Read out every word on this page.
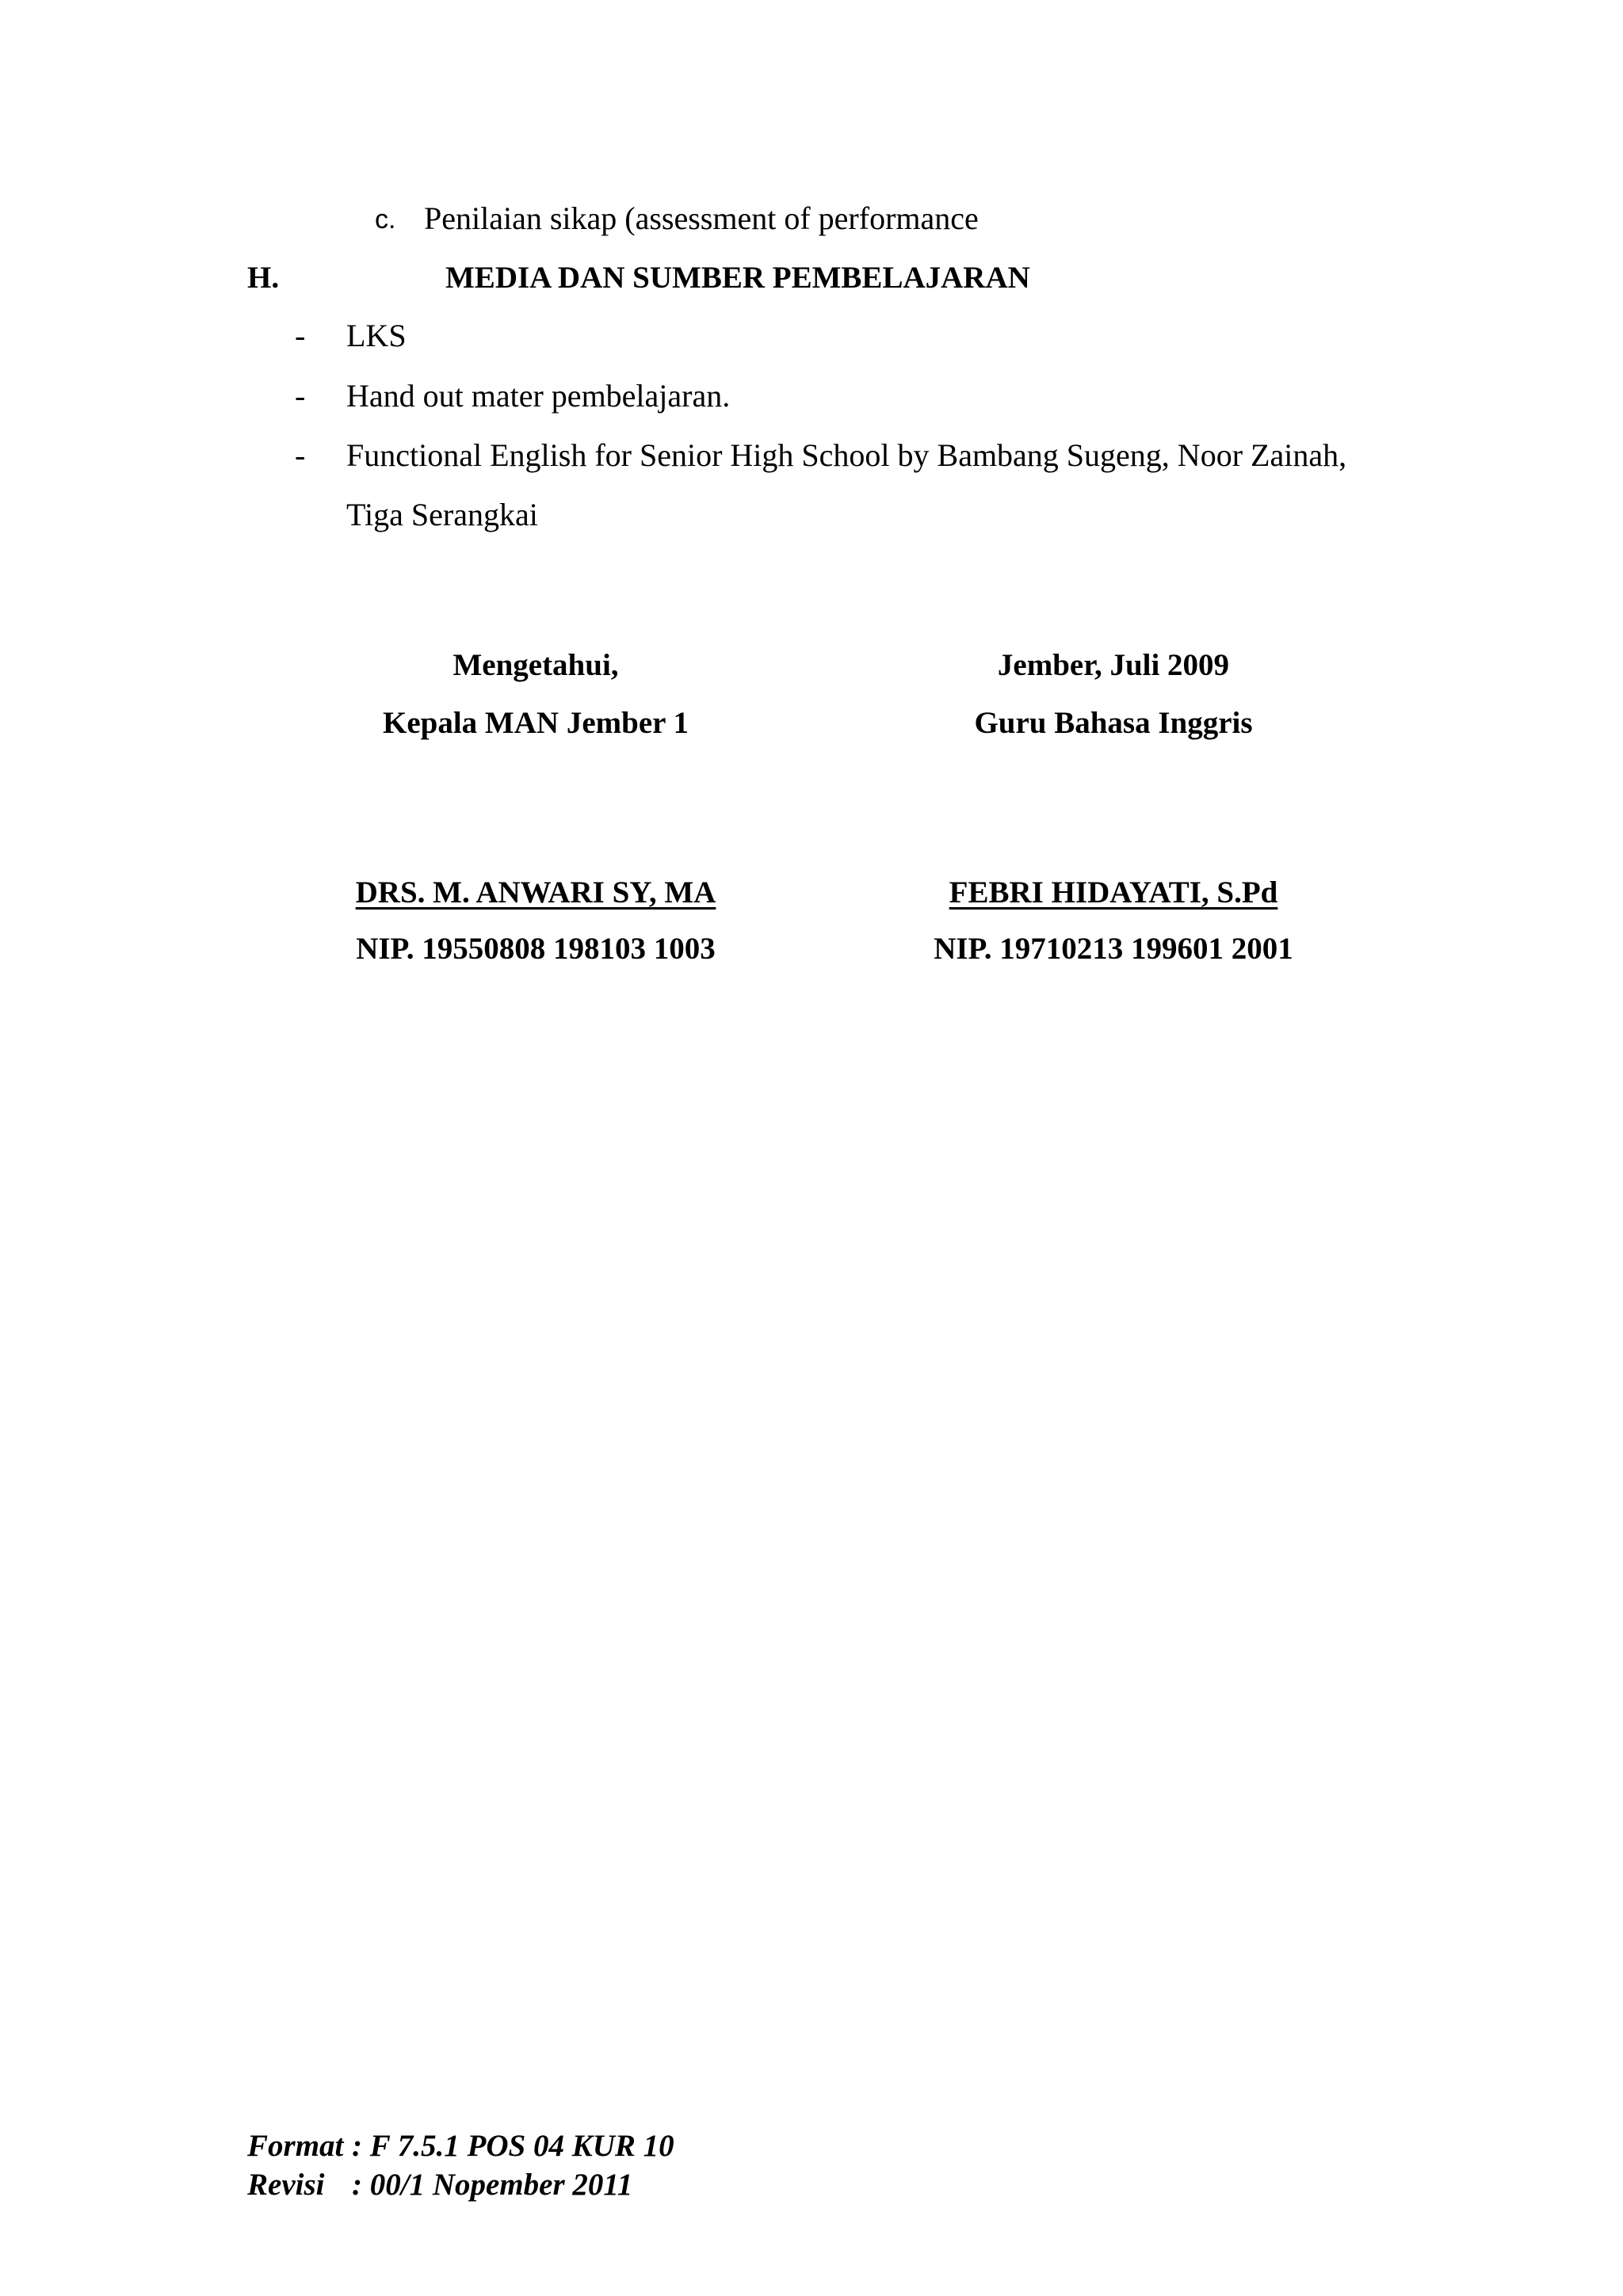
c. Penilaian sikap (assessment of performance
H.	MEDIA DAN SUMBER PEMBELAJARAN
- LKS
- Hand out mater pembelajaran.
- Functional English for Senior High School by Bambang Sugeng, Noor Zainah,
Tiga Serangkai
Mengetahui,
Kepala MAN Jember 1
DRS. M. ANWARI SY, MA
NIP. 19550808 198103 1003
Jember, Juli 2009
Guru Bahasa Inggris
FEBRI HIDAYATI, S.Pd
NIP. 19710213 199601 2001
Format : F 7.5.1 POS 04 KUR 10
Revisi : 00/1 Nopember 2011
